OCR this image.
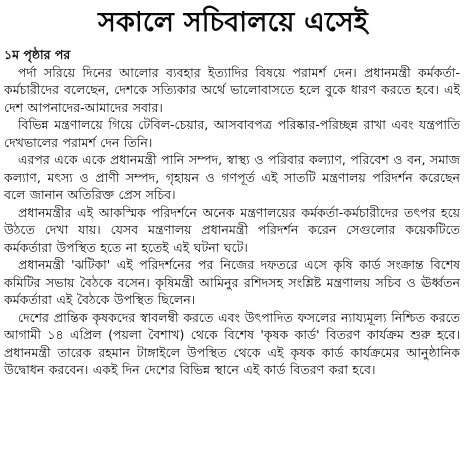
সকালে সচিবালয়ে এসেই
১ম পৃষ্ঠার পর

পর্দা সরিয়ে দিনের আলোর ব্যবহার ইত্যাদির বিষয়ে পরামর্শ দেন। প্রধানমন্ত্রী কর্মকর্তা-কর্মচারীদের বলেছেন, দেশকে সত্যিকার অর্থে ভালোবাসতে হলে বুকে ধারণ করতে হবে। এই দেশ আপনাদের-আমাদের সবার।

বিভিন্ন মন্ত্রণালয়ে গিয়ে টেবিল-চেয়ার, আসবাবপত্র পরিষ্কার-পরিচ্ছন্ন রাখা এবং যন্ত্রপাতি দেখভালের পরামর্শ দেন তিনি।

এরপর একে একে প্রধানমন্ত্রী পানি সম্পদ, স্বাস্থ্য ও পরিবার কল্যাণ, পরিবেশ ও বন, সমাজ কল্যাণ, মৎস্য ও প্রাণী সম্পদ, গৃহায়ন ও গণপূর্ত এই সাতটি মন্ত্রণালয় পরিদর্শন করেছেন বলে জানান অতিরিক্ত প্রেস সচিব।

প্রধানমন্ত্রীর এই আকস্মিক পরিদর্শনে অনেক মন্ত্রণালয়ের কর্মকর্তা-কর্মচারীদের তৎপর হয়ে উঠতে দেখা যায়। যেসব মন্ত্রণালয় প্রধানমন্ত্রী পরিদর্শন করেন সেগুলোর কয়েকটিতে কর্মকর্তারা উপস্থিত হতে না হতেই এই ঘটনা ঘটে।

প্রধানমন্ত্রী 'ঝটিকা' এই পরিদর্শনের পর নিজের দফতরে এসে কৃষি কার্ড সংক্রান্ত বিশেষ কমিটির সভায় বৈঠকে বসেন। কৃষিমন্ত্রী আমিনুর রশিদসহ সংশ্লিষ্ট মন্ত্রণালয় সচিব ও ঊর্ধ্বতন কর্মকর্তারা এই বৈঠকে উপস্থিত ছিলেন।

দেশের প্রান্তিক কৃষকদের স্বাবলম্বী করতে এবং উৎপাদিত ফসলের ন্যায্যমূল্য নিশ্চিত করতে আগামী ১৪ এপ্রিল (পয়লা বৈশাখ) থেকে বিশেষ 'কৃষক কার্ড' বিতরণ কার্যক্রম শুরু হবে। প্রধানমন্ত্রী তারেক রহমান টাঙ্গাইলে উপস্থিত থেকে এই কৃষক কার্ড কার্যক্রমের আনুষ্ঠানিক উদ্বোধন করবেন। একই দিন দেশের বিভিন্ন স্থানে এই কার্ড বিতরণ করা হবে।
